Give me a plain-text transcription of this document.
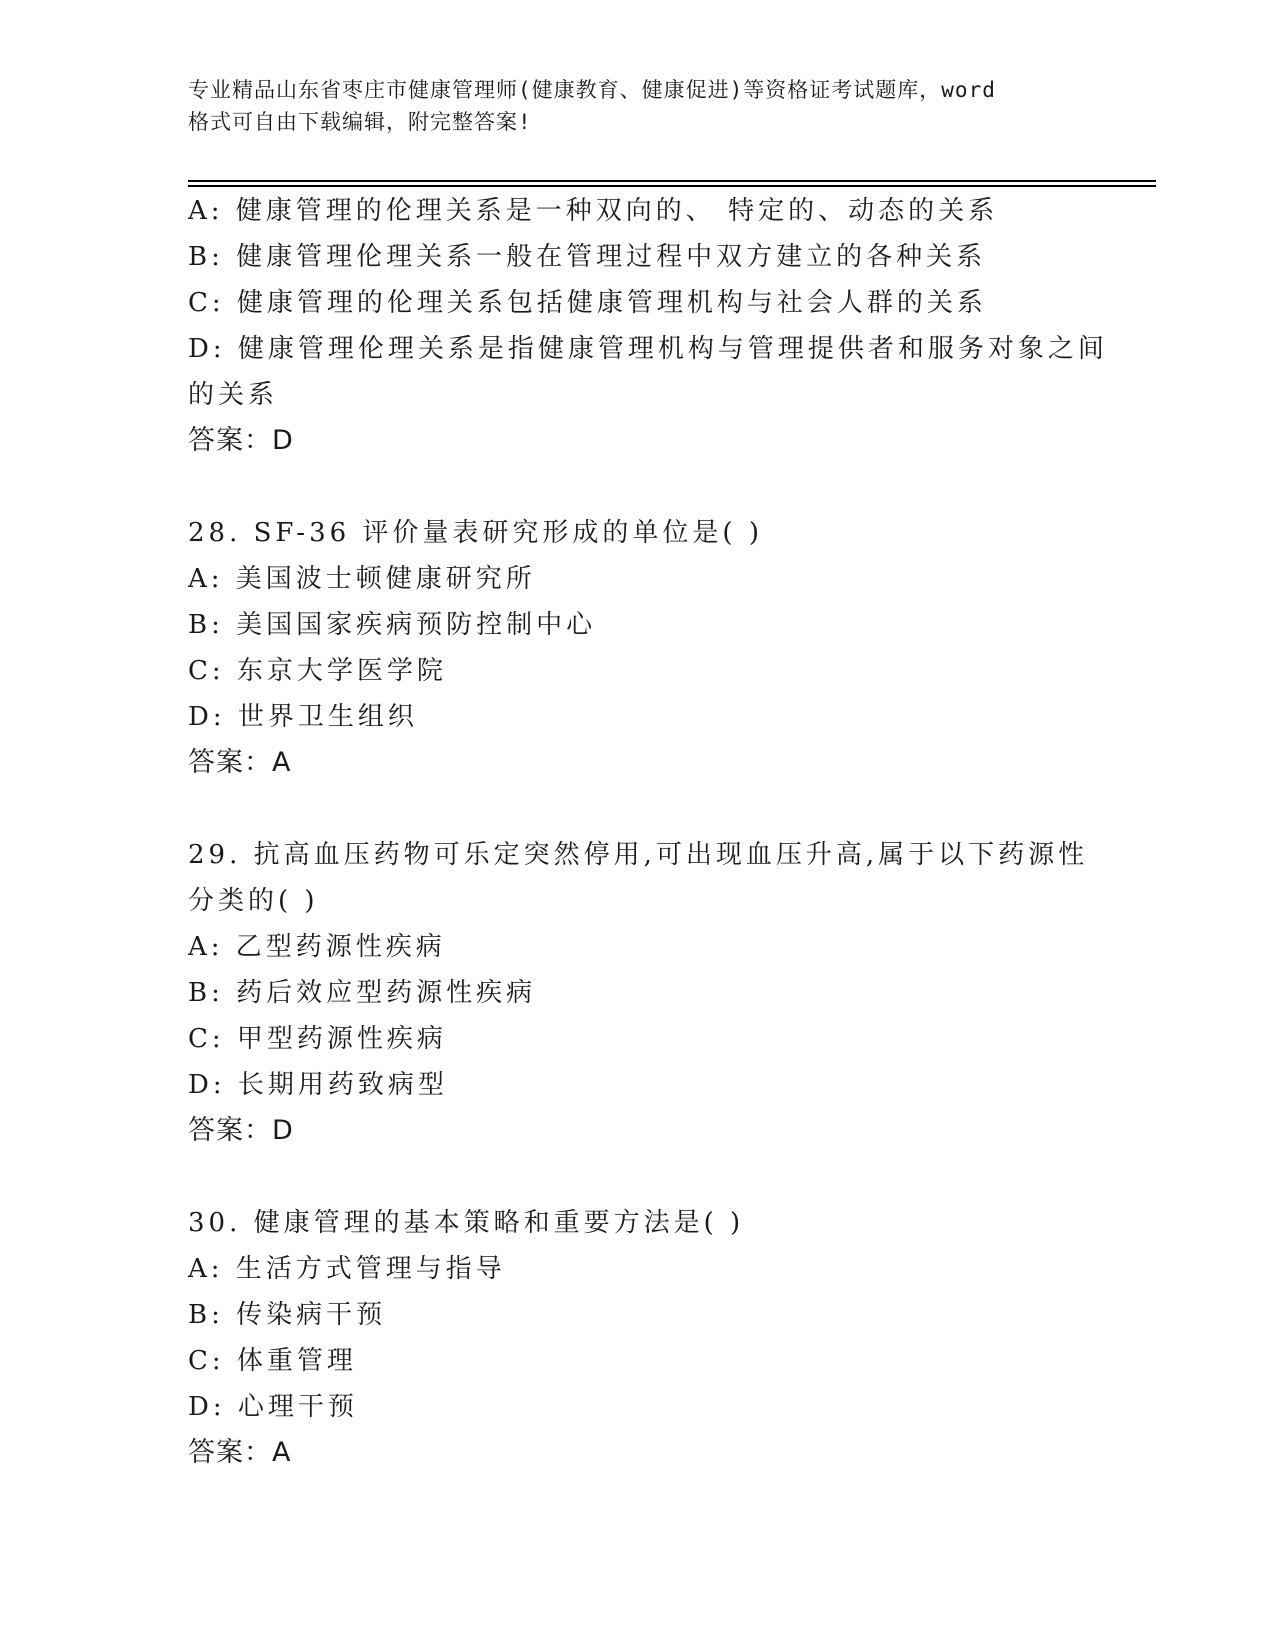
专业精品山东省枣庄市健康管理师(健康教育、健康促进)等资格证考试题库，word
格式可自由下载编辑，附完整答案!
A: 健康管理的伦理关系是一种双向的、 特定的、动态的关系
B: 健康管理伦理关系一般在管理过程中双方建立的各种关系
C: 健康管理的伦理关系包括健康管理机构与社会人群的关系
D: 健康管理伦理关系是指健康管理机构与管理提供者和服务对象之间
的关系
答案：D
28. SF-36 评价量表研究形成的单位是( )
A: 美国波士顿健康研究所
B: 美国国家疾病预防控制中心
C: 东京大学医学院
D: 世界卫生组织
答案：A
29. 抗高血压药物可乐定突然停用,可出现血压升高,属于以下药源性
分类的( )
A: 乙型药源性疾病
B: 药后效应型药源性疾病
C: 甲型药源性疾病
D: 长期用药致病型
答案：D
30. 健康管理的基本策略和重要方法是( )
A: 生活方式管理与指导
B: 传染病干预
C: 体重管理
D: 心理干预
答案：A
